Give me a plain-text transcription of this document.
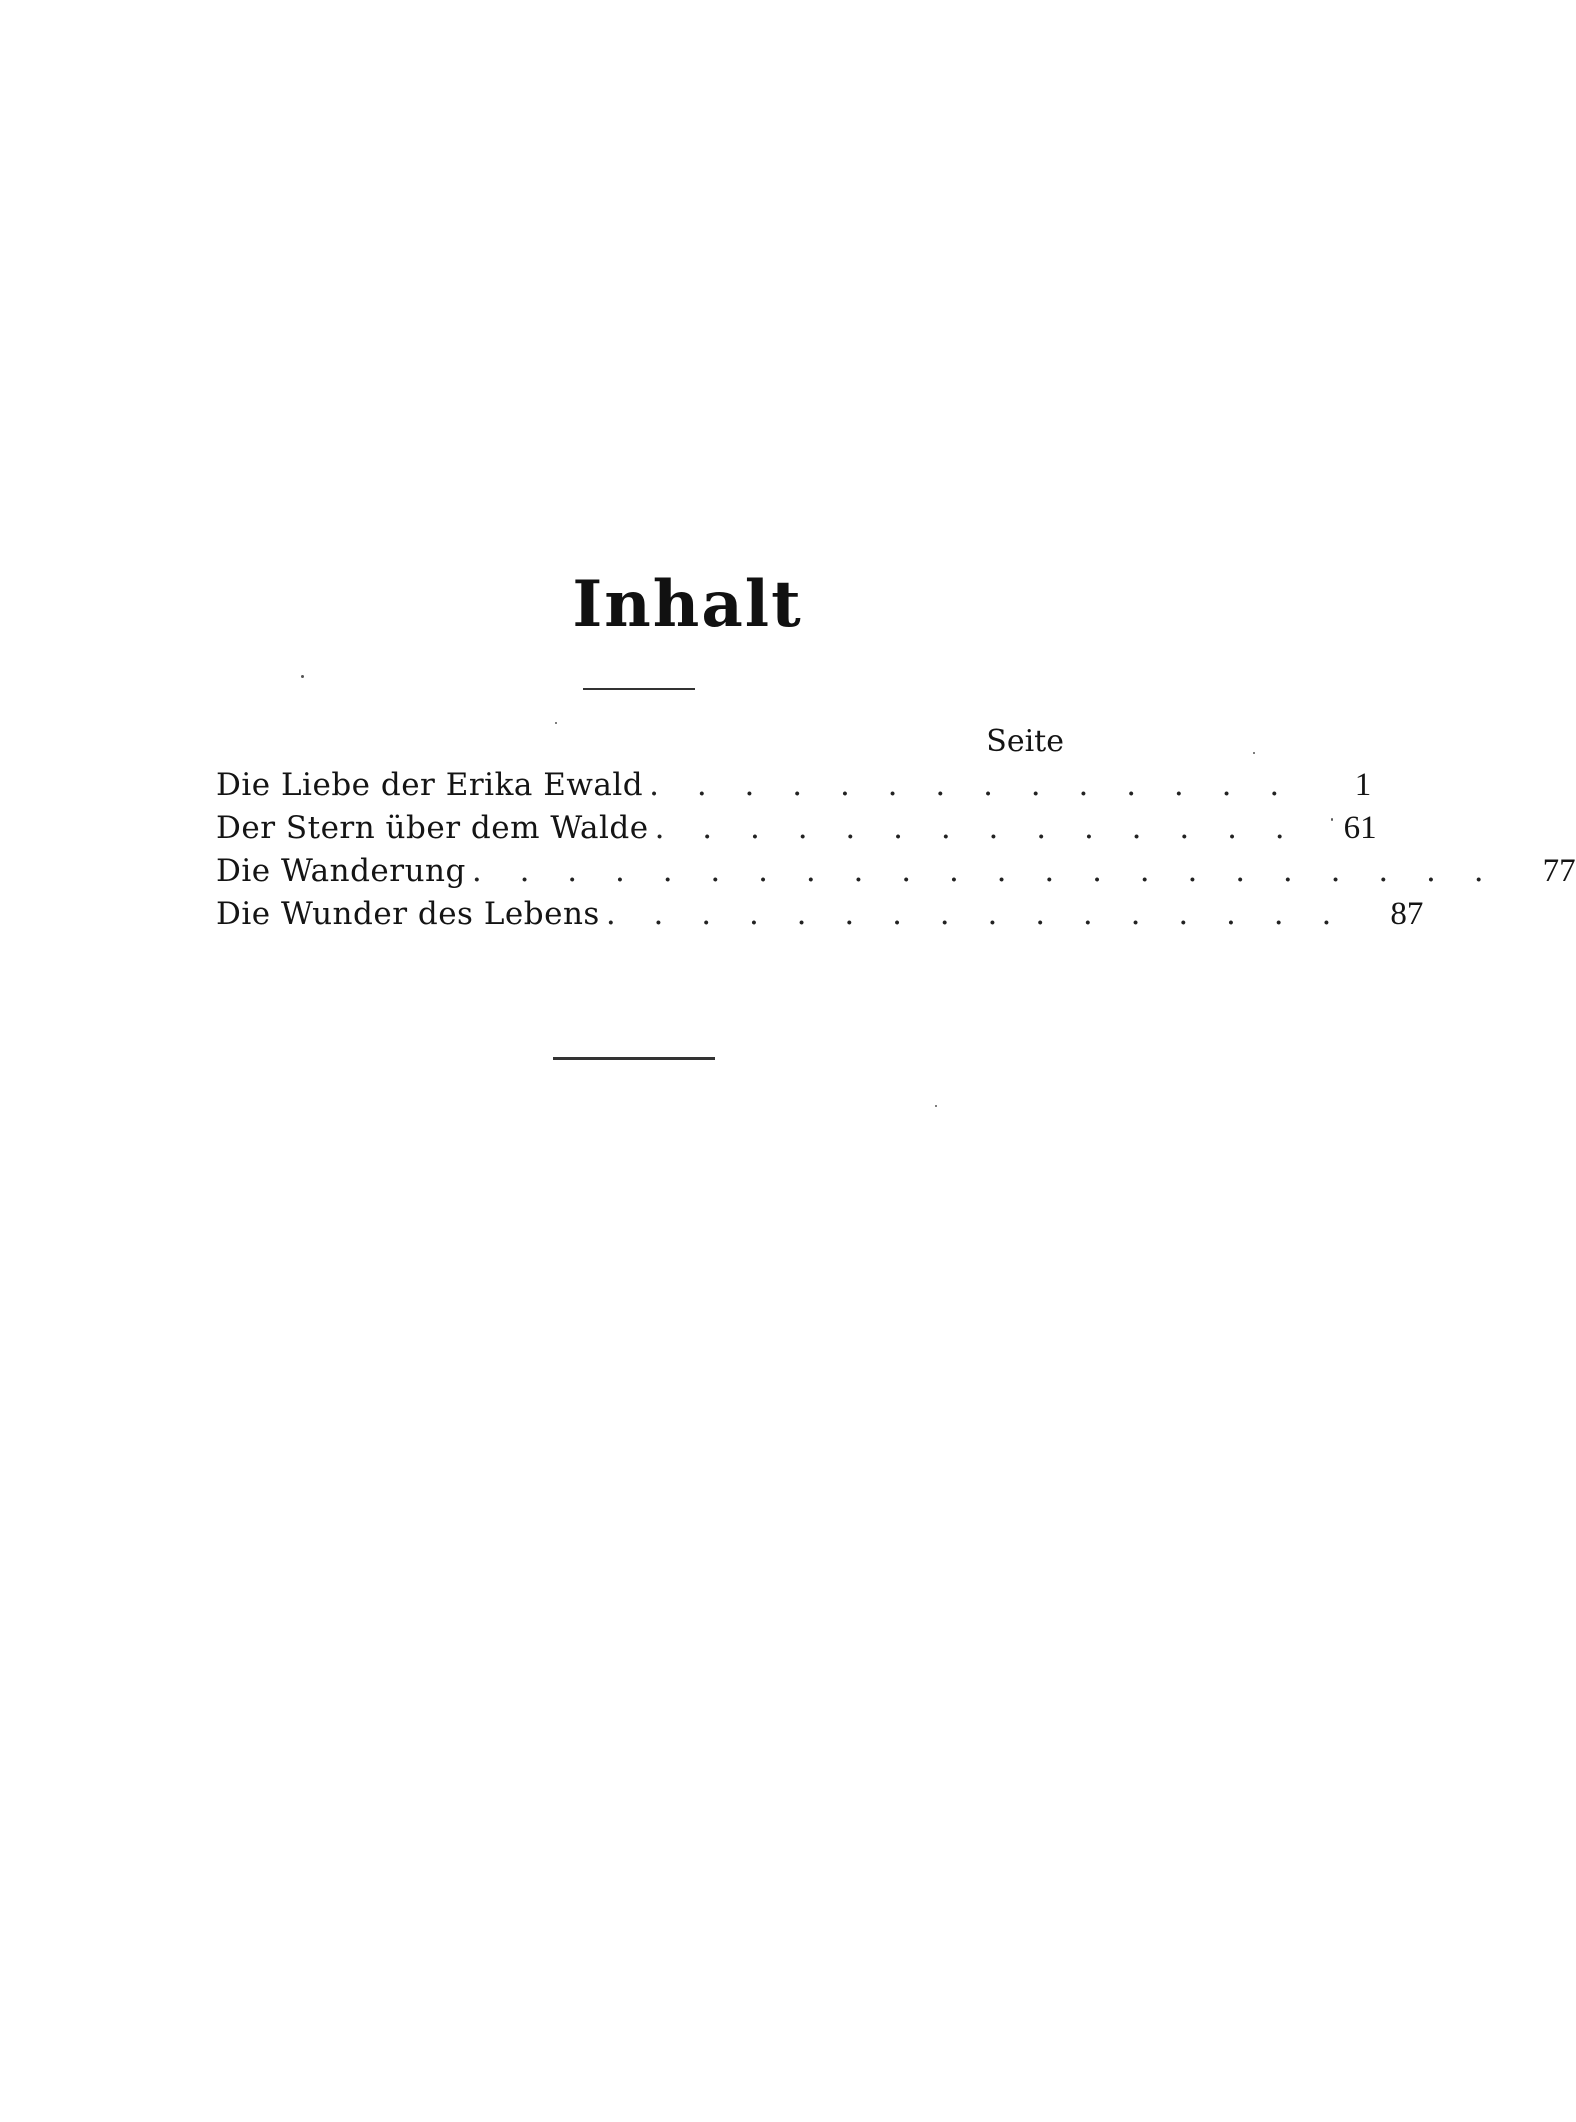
Inhalt
Seite
Die Liebe der Erika Ewald . . . . . . . . . . . . . .	1
Der Stern über dem Walde . . . . . . . . . . . . . .	61
Die Wanderung . . . . . . . . . . . . . . . . . . . . . .	77
Die Wunder des Lebens . . . . . . . . . . . . . . . .	87
